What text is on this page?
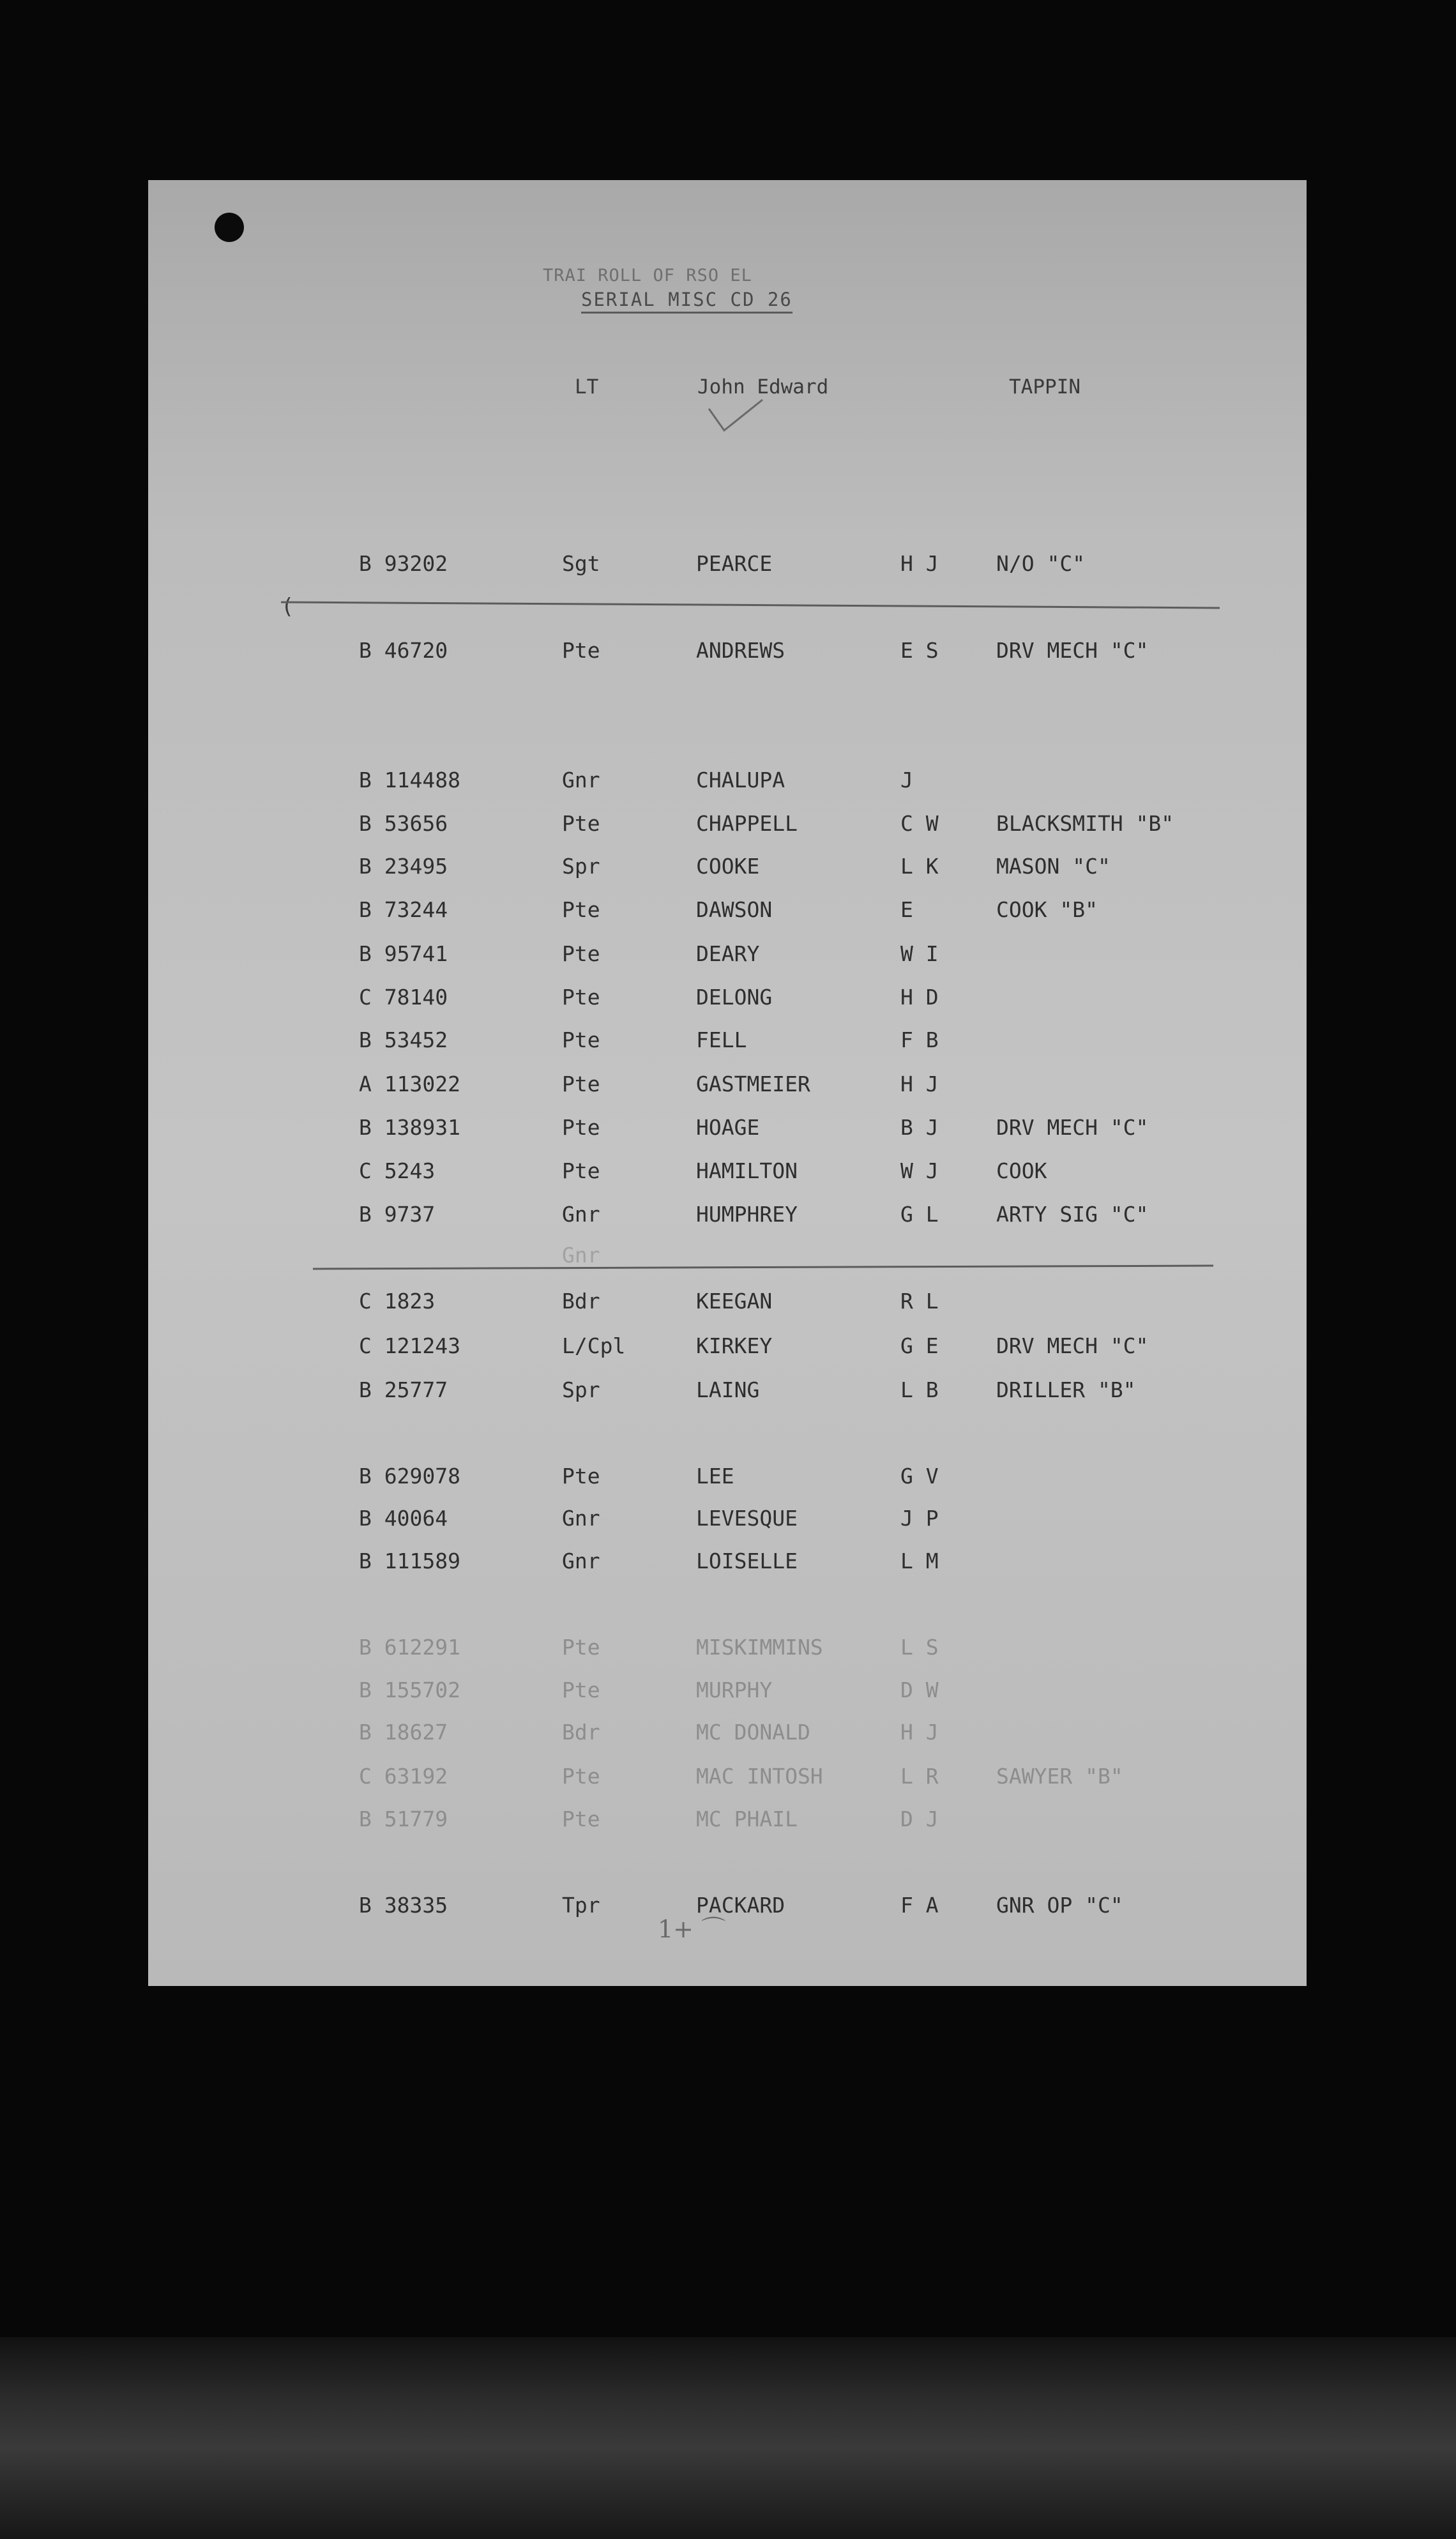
TRAI ROLL OF RSO EL
SERIAL MISC CD 26
LT	John Edward	TAPPIN
(
B 93202	Sgt	PEARCE	H J	N/O "C"
B 46720	Pte	ANDREWS	E S	DRV MECH "C"
B 114488	Gnr	CHALUPA	J
B 53656	Pte	CHAPPELL	C W	BLACKSMITH "B"
B 23495	Spr	COOKE	L K	MASON "C"
B 73244	Pte	DAWSON	E	COOK "B"
B 95741	Pte	DEARY	W I
C 78140	Pte	DELONG	H D
B 53452	Pte	FELL	F B
A 113022	Pte	GASTMEIER	H J
B 138931	Pte	HOAGE	B J	DRV MECH "C"
C 5243	Pte	HAMILTON	W J	COOK
B 9737	Gnr	HUMPHREY	G L	ARTY SIG "C"
Gnr
C 1823	Bdr	KEEGAN	R L
C 121243	L/Cpl	KIRKEY	G E	DRV MECH "C"
B 25777	Spr	LAING	L B	DRILLER "B"
B 629078	Pte	LEE	G V
B 40064	Gnr	LEVESQUE	J P
B 111589	Gnr	LOISELLE	L M
B 612291	Pte	MISKIMMINS	L S
B 155702	Pte	MURPHY	D W
B 18627	Bdr	MC DONALD	H J
C 63192	Pte	MAC INTOSH	L R	SAWYER "B"
B 51779	Pte	MC PHAIL	D J
B 38335	Tpr	PACKARD	F A	GNR OP "C"
1+ ⌒
